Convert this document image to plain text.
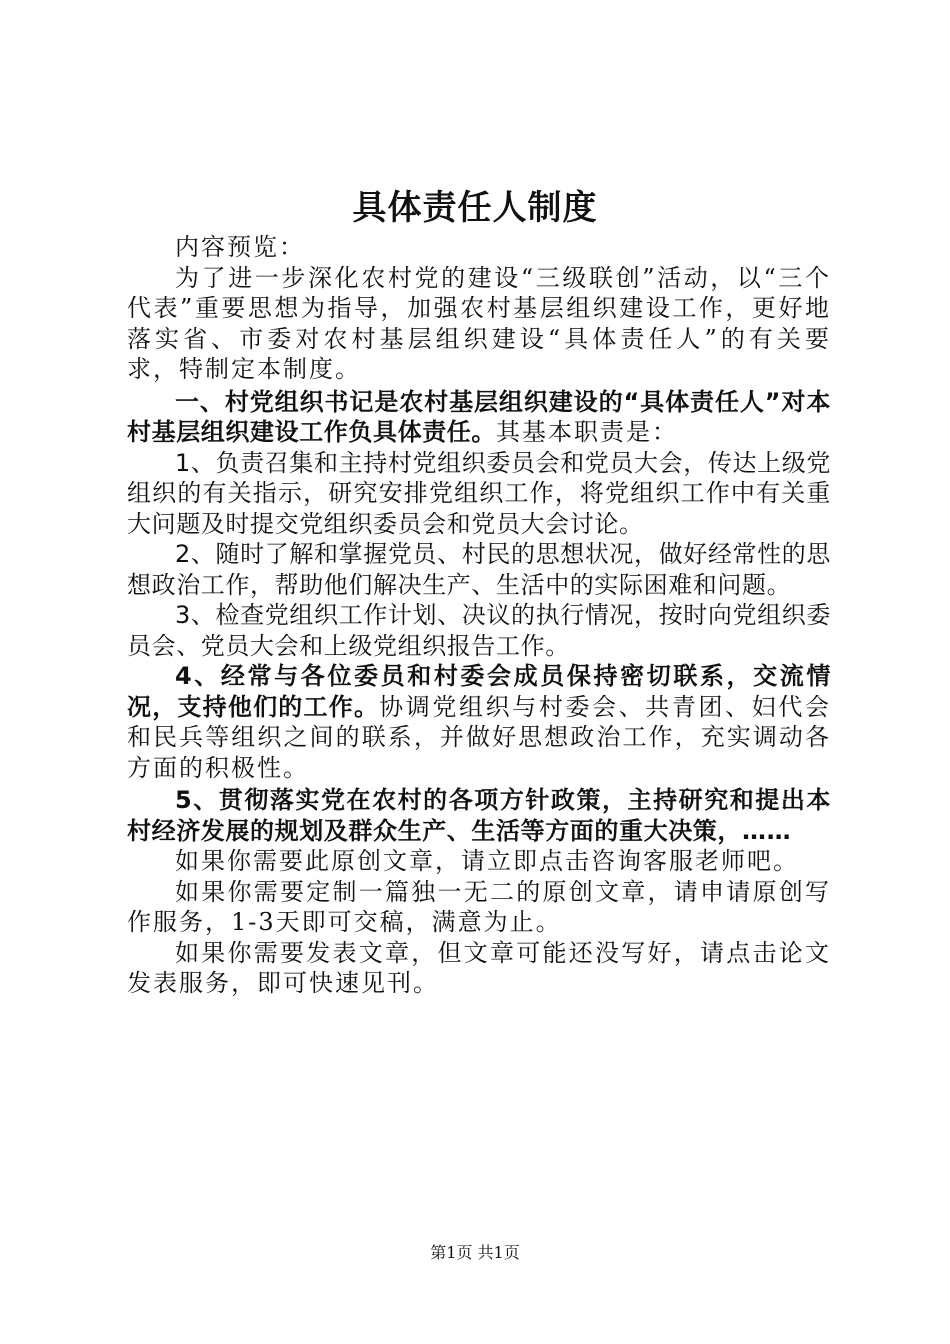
具体责任人制度

内容预览：

为了进一步深化农村党的建设“三级联创”活动，以“三个代表”重要思想为指导，加强农村基层组织建设工作，更好地落实省、市委对农村基层组织建设“具体责任人”的有关要求，特制定本制度。

一、村党组织书记是农村基层组织建设的“具体责任人”对本村基层组织建设工作负具体责任。其基本职责是：

1、负责召集和主持村党组织委员会和党员大会，传达上级党组织的有关指示，研究安排党组织工作，将党组织工作中有关重大问题及时提交党组织委员会和党员大会讨论。

2、随时了解和掌握党员、村民的思想状况，做好经常性的思想政治工作，帮助他们解决生产、生活中的实际困难和问题。

3、检查党组织工作计划、决议的执行情况，按时向党组织委员会、党员大会和上级党组织报告工作。

4、经常与各位委员和村委会成员保持密切联系，交流情况，支持他们的工作。协调党组织与村委会、共青团、妇代会和民兵等组织之间的联系，并做好思想政治工作，充实调动各方面的积极性。

5、贯彻落实党在农村的各项方针政策，主持研究和提出本村经济发展的规划及群众生产、生活等方面的重大决策，……

如果你需要此原创文章，请立即点击咨询客服老师吧。

如果你需要定制一篇独一无二的原创文章，请申请原创写作服务，1-3天即可交稿，满意为止。

如果你需要发表文章，但文章可能还没写好，请点击论文发表服务，即可快速见刊。

第1页 共1页
